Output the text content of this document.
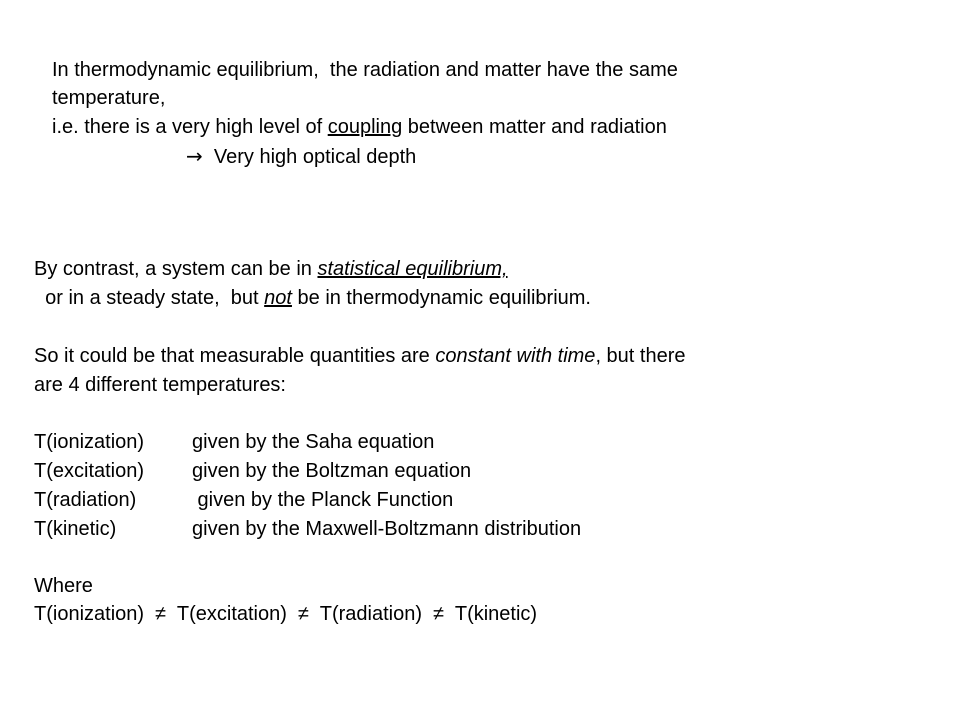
In thermodynamic equilibrium,  the radiation and matter have the same
temperature,
i.e. there is a very high level of coupling between matter and radiation
→  Very high optical depth
By contrast, a system can be in statistical equilibrium,
or in a steady state,  but not be in thermodynamic equilibrium.
So it could be that measurable quantities are constant with time, but there
are 4 different temperatures:
T(ionization) given by the Saha equation
T(excitation) given by the Boltzman equation
T(radiation)	given by the Planck Function
T(kinetic)	given by the Maxwell-Boltzmann distribution
Where
T(ionization)  ≠  T(excitation)  ≠  T(radiation)  ≠  T(kinetic)
